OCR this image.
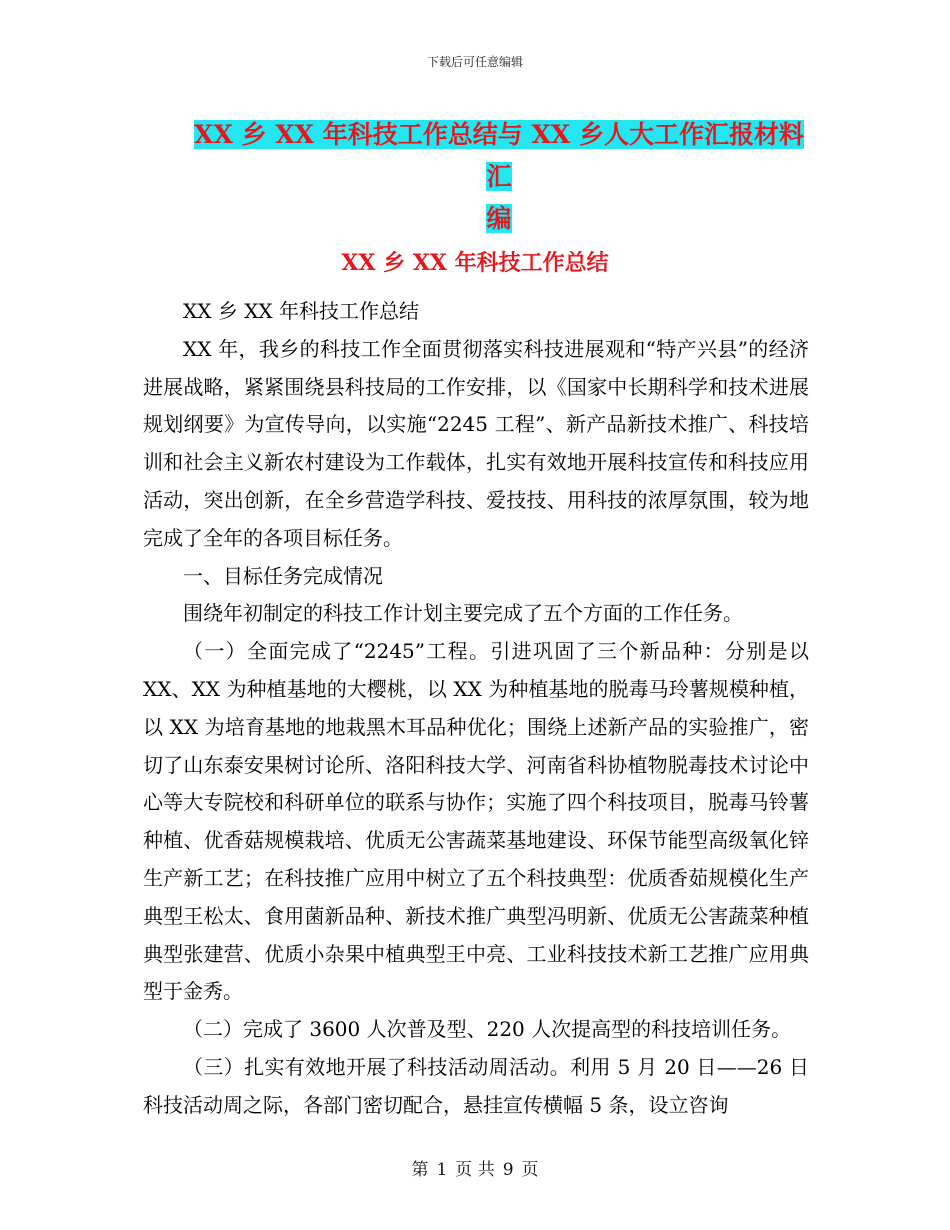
下载后可任意编辑
XX 乡 XX 年科技工作总结与 XX 乡人大工作汇报材料汇
编
XX 乡 XX 年科技工作总结

XX 乡 XX 年科技工作总结

XX 年，我乡的科技工作全面贯彻落实科技进展观和“特产兴县”的经济进展战略，紧紧围绕县科技局的工作安排，以《国家中长期科学和技术进展规划纲要》为宣传导向，以实施“2245 工程”、新产品新技术推广、科技培训和社会主义新农村建设为工作载体，扎实有效地开展科技宣传和科技应用活动，突出创新，在全乡营造学科技、爱技技、用科技的浓厚氛围，较为地完成了全年的各项目标任务。

一、目标任务完成情况

围绕年初制定的科技工作计划主要完成了五个方面的工作任务。

（一）全面完成了“2245”工程。引进巩固了三个新品种：分别是以 XX、XX 为种植基地的大樱桃，以 XX 为种植基地的脱毒马玲薯规模种植，以 XX 为培育基地的地栽黑木耳品种优化；围绕上述新产品的实验推广，密切了山东泰安果树讨论所、洛阳科技大学、河南省科协植物脱毒技术讨论中心等大专院校和科研单位的联系与协作；实施了四个科技项目，脱毒马铃薯种植、优香菇规模栽培、优质无公害蔬菜基地建设、环保节能型高级氧化锌生产新工艺；在科技推广应用中树立了五个科技典型：优质香茹规模化生产典型王松太、食用菌新品种、新技术推广典型冯明新、优质无公害蔬菜种植典型张建营、优质小杂果中植典型王中亮、工业科技技术新工艺推广应用典型于金秀。

（二）完成了 3600 人次普及型、220 人次提高型的科技培训任务。

（三）扎实有效地开展了科技活动周活动。利用 5 月 20 日——26 日科技活动周之际，各部门密切配合，悬挂宣传横幅 5 条，设立咨询

第 1 页 共 9 页
